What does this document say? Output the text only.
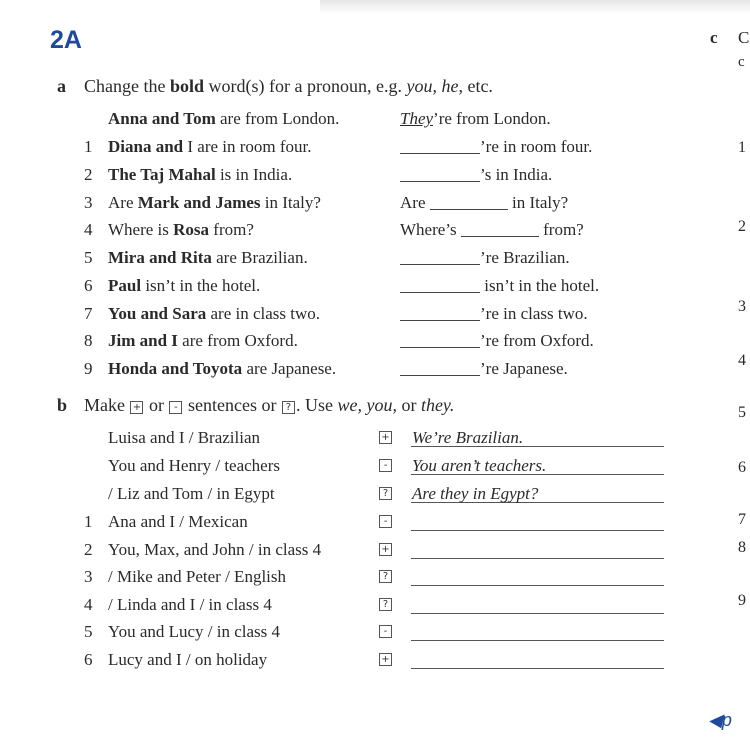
2A	c C
c
1
2
3
4
5
6
7
8
9
a Change the bold word(s) for a pronoun, e.g. you, he, etc.
Anna and Tom are from London.	They’re from London.
1 Diana and I are in room four.	’re in room four.
2 The Taj Mahal is in India.	’s in India.
3 Are Mark and James in Italy?	Are	in Italy?
4 Where is Rosa from?	Where’s	from?
5 Mira and Rita are Brazilian.	’re Brazilian.
6 Paul isn’t in the hotel.	isn’t in the hotel.
7 You and Sara are in class two.	’re in class two.
8 Jim and I are from Oxford.	’re from Oxford.
9 Honda and Toyota are Japanese.	’re Japanese.
b Make + or - sentences or ? . Use we, you, or they.
Luisa and I / Brazilian	+ We’re Brazilian.
You and Henry / teachers	- You aren’t teachers.
/ Liz and Tom / in Egypt	? Are they in Egypt?
1 Ana and I / Mexican	-
2 You, Max, and John / in class 4	+
3 / Mike and Peter / English	?
4 / Linda and I / in class 4	?
5 You and Lucy / in class 4	-
6 Lucy and I / on holiday	+
◀p
